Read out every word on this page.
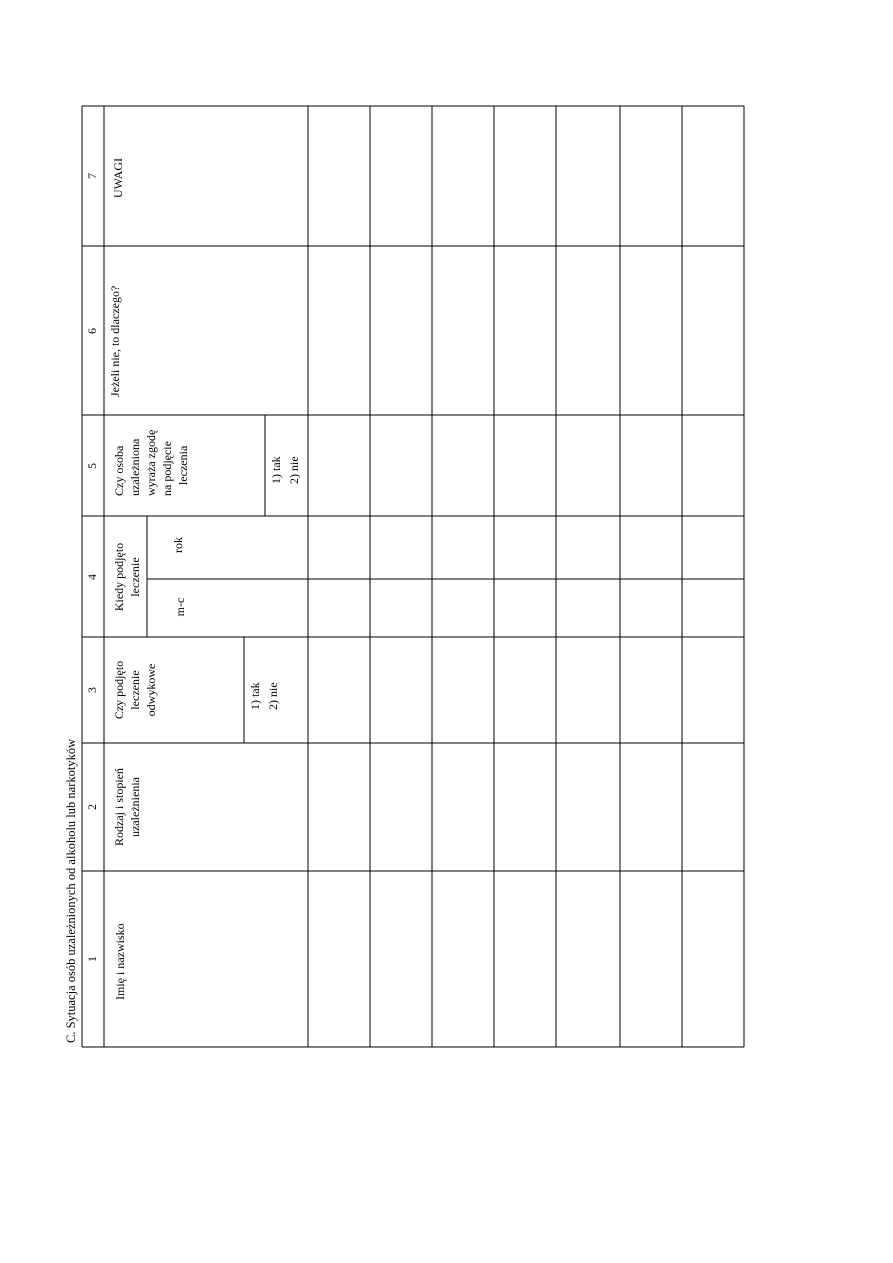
C. Sytuacja osób uzależnionych od alkoholu lub narkotyków 1
2
3
4
5
6
7
Imię i nazwisko
Rodzaj i stopień uzależnienia
Czy podjęto leczenie odwykowe	1) tak 2) nie
Kiedy podjęto leczenie
m-c
rok
Czy osoba uzależniona wyraża zgodę na podjęcie leczenia	1) tak 2) nie
Jeżeli nie, to dlaczego?
UWAGI
